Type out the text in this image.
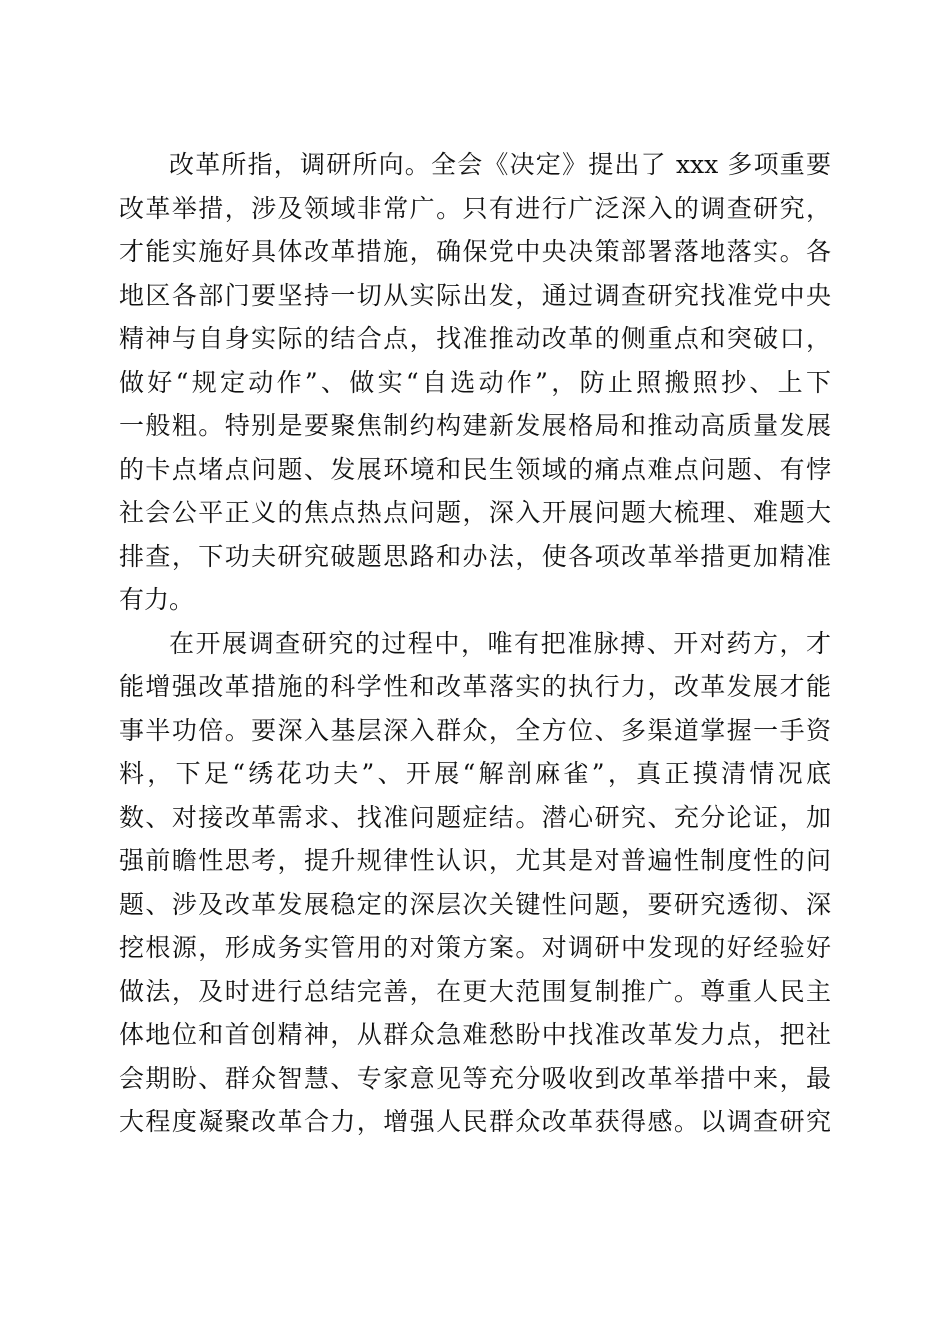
改革所指，调研所向。全会《决定》提出了 xxx 多项重要
改革举措，涉及领域非常广。只有进行广泛深入的调查研究，
才能实施好具体改革措施，确保党中央决策部署落地落实。各
地区各部门要坚持一切从实际出发，通过调查研究找准党中央
精神与自身实际的结合点，找准推动改革的侧重点和突破口，
做好“规定动作”、做实“自选动作”，防止照搬照抄、上下
一般粗。特别是要聚焦制约构建新发展格局和推动高质量发展
的卡点堵点问题、发展环境和民生领域的痛点难点问题、有悖
社会公平正义的焦点热点问题，深入开展问题大梳理、难题大
排查，下功夫研究破题思路和办法，使各项改革举措更加精准
有力。
在开展调查研究的过程中，唯有把准脉搏、开对药方，才
能增强改革措施的科学性和改革落实的执行力，改革发展才能
事半功倍。要深入基层深入群众，全方位、多渠道掌握一手资
料，下足“绣花功夫”、开展“解剖麻雀”，真正摸清情况底
数、对接改革需求、找准问题症结。潜心研究、充分论证，加
强前瞻性思考，提升规律性认识，尤其是对普遍性制度性的问
题、涉及改革发展稳定的深层次关键性问题，要研究透彻、深
挖根源，形成务实管用的对策方案。对调研中发现的好经验好
做法，及时进行总结完善，在更大范围复制推广。尊重人民主
体地位和首创精神，从群众急难愁盼中找准改革发力点，把社
会期盼、群众智慧、专家意见等充分吸收到改革举措中来，最
大程度凝聚改革合力，增强人民群众改革获得感。以调查研究
